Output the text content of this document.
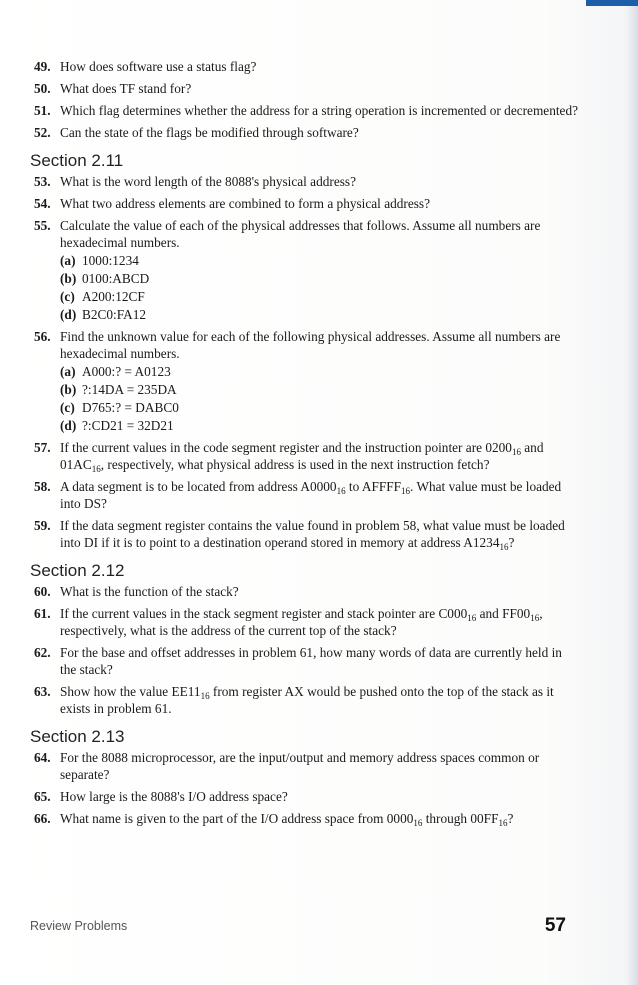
49. How does software use a status flag?
50. What does TF stand for?
51. Which flag determines whether the address for a string operation is incremented or decremented?
52. Can the state of the flags be modified through software?
Section 2.11
53. What is the word length of the 8088's physical address?
54. What two address elements are combined to form a physical address?
55. Calculate the value of each of the physical addresses that follows. Assume all numbers are hexadecimal numbers.
(a) 1000:1234
(b) 0100:ABCD
(c) A200:12CF
(d) B2C0:FA12
56. Find the unknown value for each of the following physical addresses. Assume all numbers are hexadecimal numbers.
(a) A000:? = A0123
(b) ?:14DA = 235DA
(c) D765:? = DABC0
(d) ?:CD21 = 32D21
57. If the current values in the code segment register and the instruction pointer are $0200_{16}$ and $01AC_{16}$, respectively, what physical address is used in the next instruction fetch?
58. A data segment is to be located from address $A0000_{16}$ to $AFFFF_{16}$. What value must be loaded into DS?
59. If the data segment register contains the value found in problem 58, what value must be loaded into DI if it is to point to a destination operand stored in memory at address $A1234_{16}$?
Section 2.12
60. What is the function of the stack?
61. If the current values in the stack segment register and stack pointer are $C000_{16}$ and $FF00_{16}$, respectively, what is the address of the current top of the stack?
62. For the base and offset addresses in problem 61, how many words of data are currently held in the stack?
63. Show how the value $EE11_{16}$ from register AX would be pushed onto the top of the stack as it exists in problem 61.
Section 2.13
64. For the 8088 microprocessor, are the input/output and memory address spaces common or separate?
65. How large is the 8088's I/O address space?
66. What name is given to the part of the I/O address space from $0000_{16}$ through $00FF_{16}$?
Review Problems	57
